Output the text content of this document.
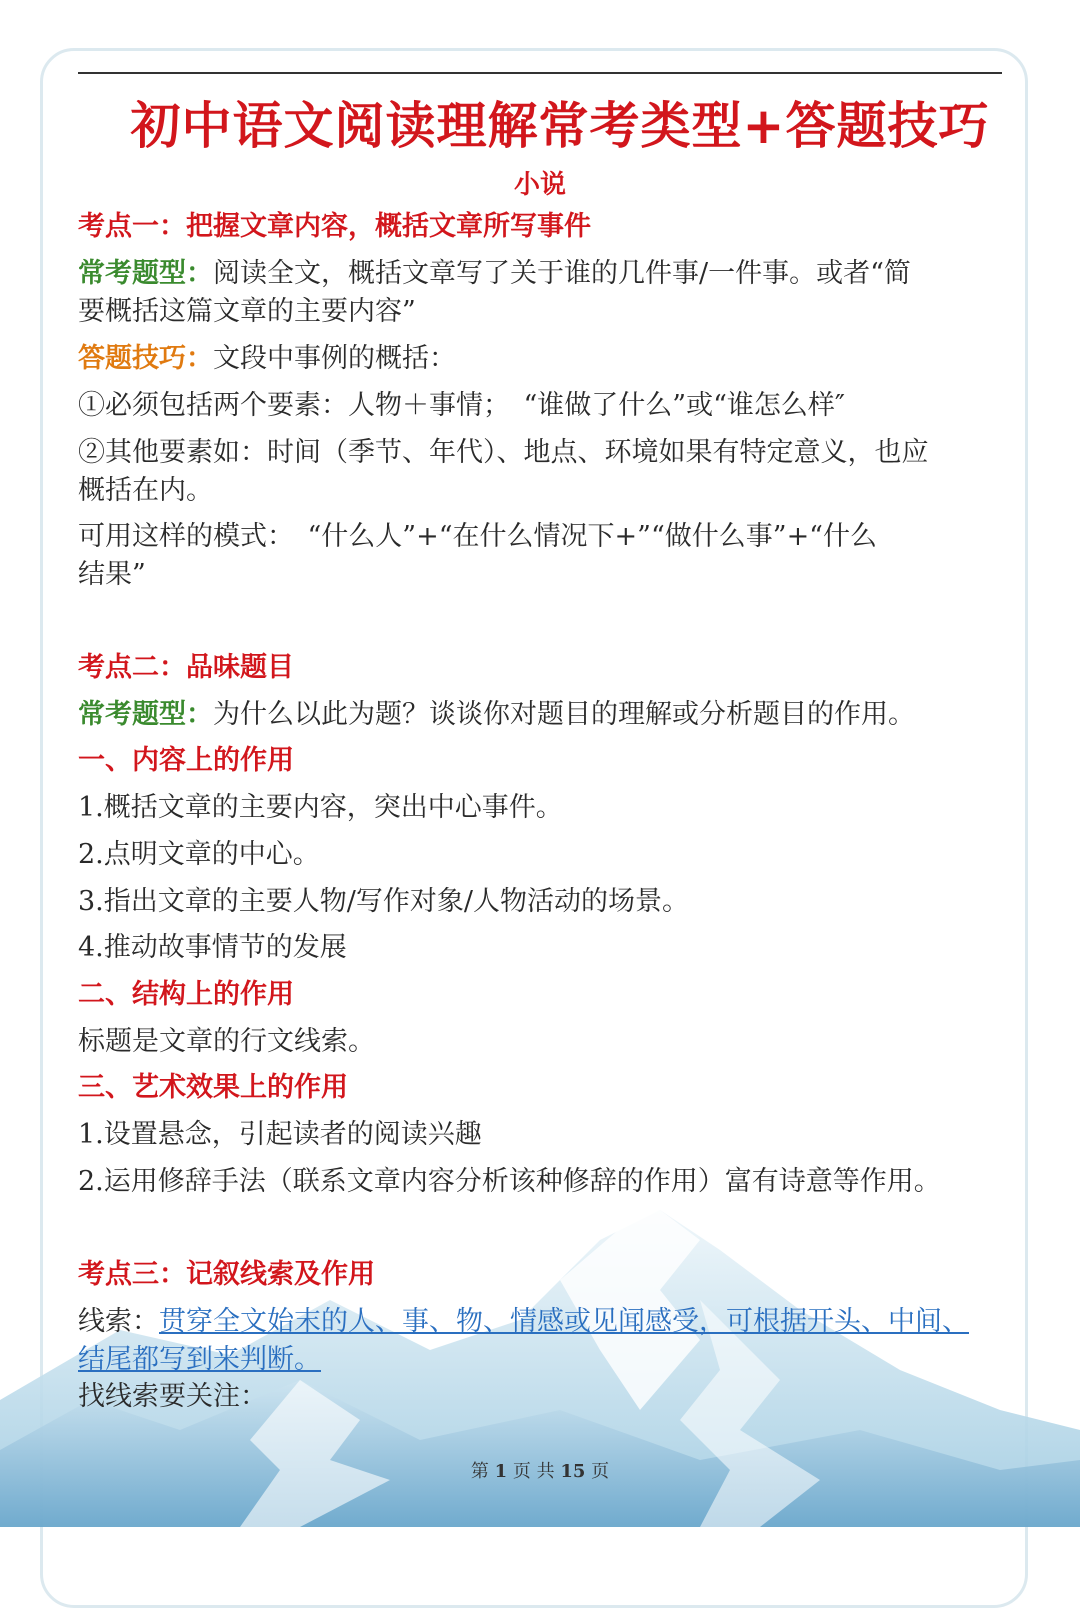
初中语文阅读理解常考类型+答题技巧
小说
考点一：把握文章内容，概括文章所写事件
常考题型：阅读全文，概括文章写了关于谁的几件事/一件事。或者“简
要概括这篇文章的主要内容”
答题技巧：文段中事例的概括：
①必须包括两个要素：人物＋事情；　“谁做了什么”或“谁怎么样″
②其他要素如：时间（季节、年代）、地点、环境如果有特定意义，也应
概括在内。
可用这样的模式：　“什么人”+“在什么情况下+”“做什么事”+“什么
结果”
考点二：品味题目
常考题型：为什么以此为题？谈谈你对题目的理解或分析题目的作用。
一、内容上的作用
1.概括文章的主要内容，突出中心事件。
2.点明文章的中心。
3.指出文章的主要人物/写作对象/人物活动的场景。
4.推动故事情节的发展
二、结构上的作用
标题是文章的行文线索。
三、艺术效果上的作用
1.设置悬念，引起读者的阅读兴趣
2.运用修辞手法（联系文章内容分析该种修辞的作用）富有诗意等作用。
考点三：记叙线索及作用
线索：贯穿全文始末的人、事、物、情感或见闻感受，可根据开头、中间、
结尾都写到来判断。
找线索要关注：
第 1 页 共 15 页
